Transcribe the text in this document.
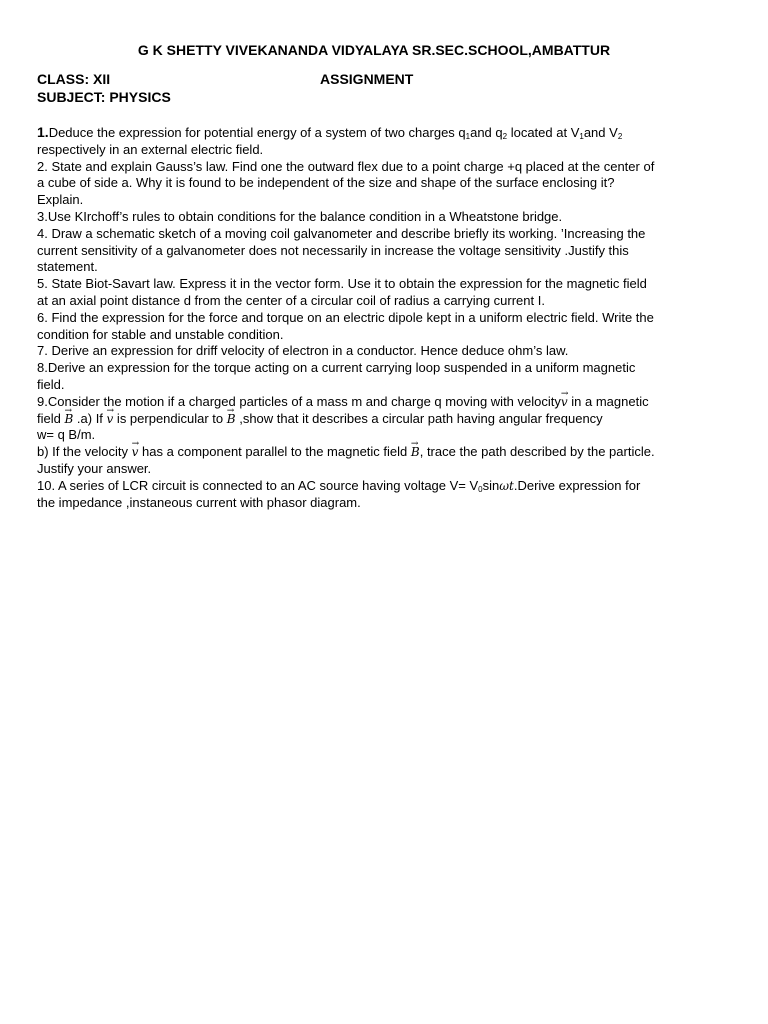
G K SHETTY VIVEKANANDA VIDYALAYA SR.SEC.SCHOOL,AMBATTUR
CLASS: XII
SUBJECT: PHYSICS
ASSIGNMENT
1.Deduce the expression for potential energy of a system of two charges $q_1and$ $q_2$ located at $V_1and$ $V_2$
respectively in an external electric field.
2. State and explain Gauss’s law. Find one the outward flex due to a point charge +q placed at the center of
a cube of side a. Why it is found to be independent of the size and shape of the surface enclosing it?
Explain.
3.Use KIrchoff’s rules to obtain conditions for the balance condition in a Wheatstone bridge.
4. Draw a schematic sketch of a moving coil galvanometer and describe briefly its working. ’Increasing the
current sensitivity of a galvanometer does not necessarily in increase the voltage sensitivity .Justify this
statement.
5. State Biot-Savart law. Express it in the vector form. Use it to obtain the expression for the magnetic field
at an axial point distance d from the center of a circular coil of radius a carrying current I.
6. Find the expression for the force and torque on an electric dipole kept in a uniform electric field. Write the
condition for stable and unstable condition.
7. Derive an expression for driff velocity of electron in a conductor. Hence deduce ohm’s law.
8.Derive an expression for the torque acting on a current carrying loop suspended in a uniform magnetic
field.
9.Consider the motion if a charged particles of a mass m and charge q moving with velocity→ v in a magnetic
field → B .a) If → v is perpendicular to → B ,show that it describes a circular path having angular frequency
w= q B/m.
b) If the velocity → v has a component parallel to the magnetic field → B, trace the path described by the particle.
Justify your answer.
10. A series of LCR circuit is connected to an AC source having voltage $V= V_0\sin\omega t.Derive$ expression for
the impedance ,instaneous current with phasor diagram.
